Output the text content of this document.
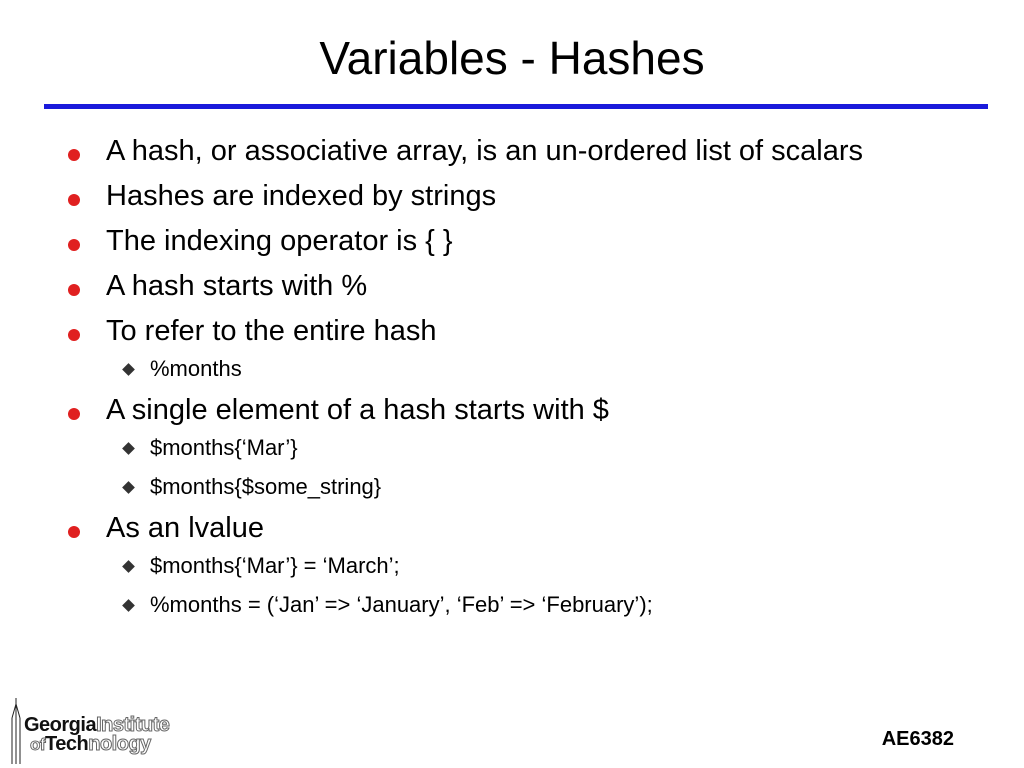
Variables - Hashes
A hash, or associative array, is an un-ordered list of scalars
Hashes are indexed by strings
The indexing operator is { }
A hash starts with %
To refer to the entire hash
%months
A single element of a hash starts with $
$months{‘Mar’}
$months{$some_string}
As an lvalue
$months{‘Mar’} = ‘March’;
%months = (‘Jan’ => ‘January’, ‘Feb’ => ‘February’);
GeorgiaInstitute
ofTechnology	AE6382
